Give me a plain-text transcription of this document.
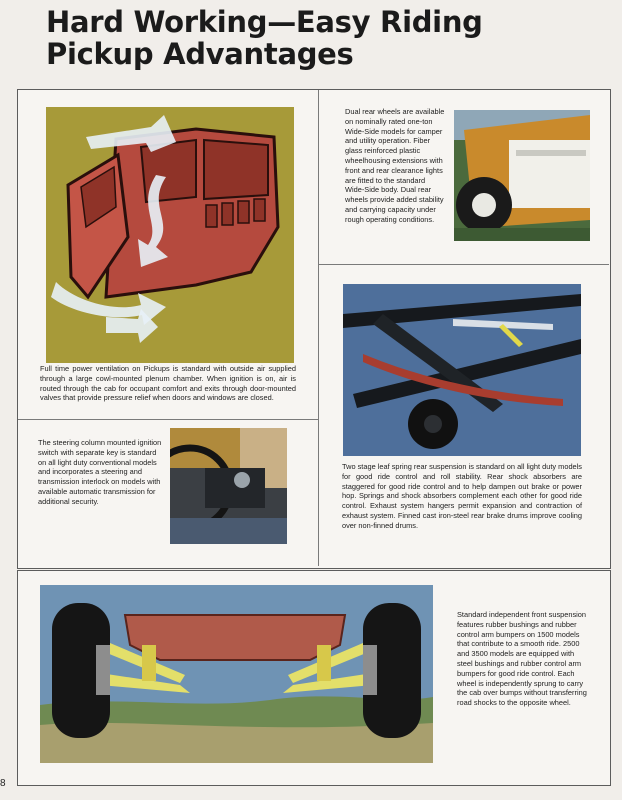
Hard Working—Easy Riding
Pickup Advantages
Full time power ventilation on Pickups is standard with outside air supplied through a large cowl-mounted plenum chamber. When ignition is on, air is routed through the cab for occupant comfort and exits through door-mounted valves that provide pressure relief when doors and windows are closed.
The steering column mounted ignition switch with separate key is standard on all light duty conventional models and incorporates a steering and transmission interlock on models with available automatic transmission for additional security.
Dual rear wheels are available on nominally rated one-ton Wide-Side models for camper and utility operation. Fiber glass reinforced plastic wheelhousing extensions with front and rear clearance lights are fitted to the standard Wide-Side body. Dual rear wheels provide added stability and carrying capacity under rough operating conditions.
Two stage leaf spring rear suspension is standard on all light duty models for good ride control and roll stability. Rear shock absorbers are staggered for good ride control and to help dampen out brake or power hop. Springs and shock absorbers complement each other for good ride control. Exhaust system hangers permit expansion and contraction of exhaust system. Finned cast iron-steel rear brake drums improve cooling over non-finned drums.
Standard independent front suspension features rubber bushings and rubber control arm bumpers on 1500 models that contribute to a smooth ride. 2500 and 3500 models are equipped with steel bushings and rubber control arm bumpers for good ride control. Each wheel is independently sprung to carry the cab over bumps without transferring road shocks to the opposite wheel.
8
